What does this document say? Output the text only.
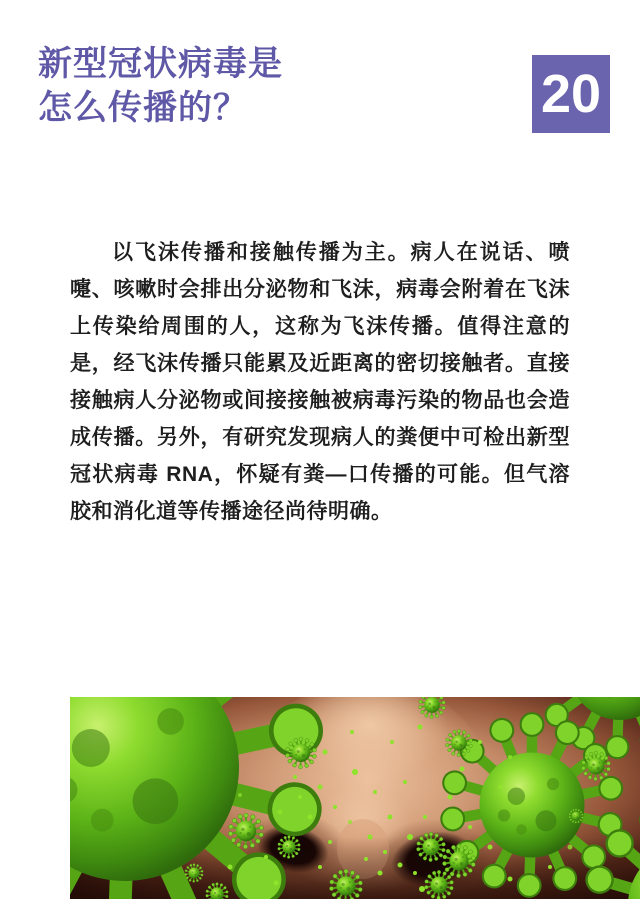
新型冠状病毒是
怎么传播的？	20

以飞沫传播和接触传播为主。病人在说话、喷嚏、咳嗽时会排出分泌物和飞沫，病毒会附着在飞沫上传染给周围的人，这称为飞沫传播。值得注意的是，经飞沫传播只能累及近距离的密切接触者。直接接触病人分泌物或间接接触被病毒污染的物品也会造成传播。另外，有研究发现病人的粪便中可检出新型冠状病毒 RNA，怀疑有粪—口传播的可能。但气溶胶和消化道等传播途径尚待明确。
